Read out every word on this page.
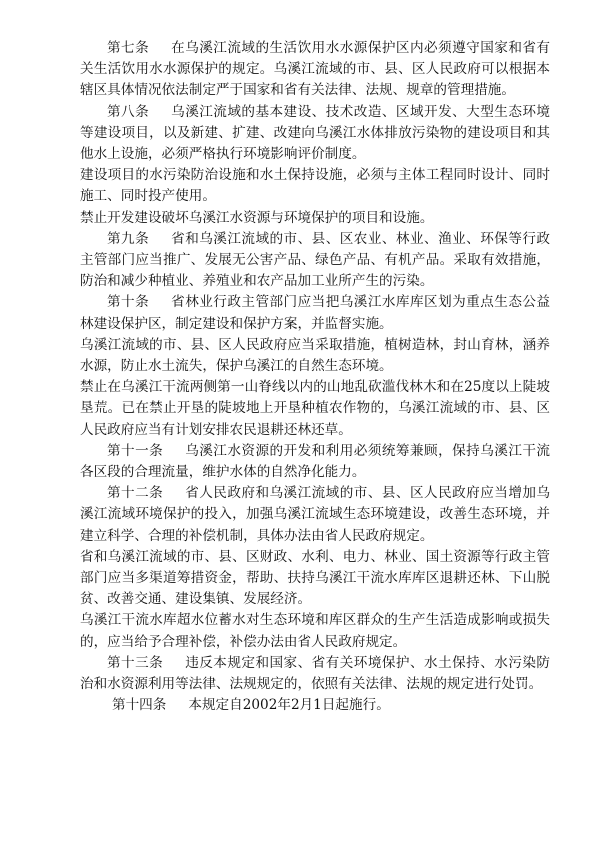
第七条 在乌溪江流域的生活饮用水水源保护区内必须遵守国家和省有关生活饮用水水源保护的规定。乌溪江流域的市、县、区人民政府可以根据本辖区具体情况依法制定严于国家和省有关法律、法规、规章的管理措施。

第八条 乌溪江流域的基本建设、技术改造、区域开发、大型生态环境等建设项目，以及新建、扩建、改建向乌溪江水体排放污染物的建设项目和其他水上设施，必须严格执行环境影响评价制度。

建设项目的水污染防治设施和水土保持设施，必须与主体工程同时设计、同时施工、同时投产使用。

禁止开发建设破坏乌溪江水资源与环境保护的项目和设施。

第九条 省和乌溪江流域的市、县、区农业、林业、渔业、环保等行政主管部门应当推广、发展无公害产品、绿色产品、有机产品。采取有效措施，防治和减少种植业、养殖业和农产品加工业所产生的污染。

第十条 省林业行政主管部门应当把乌溪江水库库区划为重点生态公益林建设保护区，制定建设和保护方案，并监督实施。

乌溪江流域的市、县、区人民政府应当采取措施，植树造林，封山育林，涵养水源，防止水土流失，保护乌溪江的自然生态环境。

禁止在乌溪江干流两侧第一山脊线以内的山地乱砍滥伐林木和在25度以上陡坡垦荒。已在禁止开垦的陡坡地上开垦种植农作物的，乌溪江流域的市、县、区人民政府应当有计划安排农民退耕还林还草。

第十一条 乌溪江水资源的开发和利用必须统筹兼顾，保持乌溪江干流各区段的合理流量，维护水体的自然净化能力。

第十二条 省人民政府和乌溪江流域的市、县、区人民政府应当增加乌溪江流域环境保护的投入，加强乌溪江流域生态环境建设，改善生态环境，并建立科学、合理的补偿机制，具体办法由省人民政府规定。

省和乌溪江流域的市、县、区财政、水利、电力、林业、国土资源等行政主管部门应当多渠道筹措资金，帮助、扶持乌溪江干流水库库区退耕还林、下山脱贫、改善交通、建设集镇、发展经济。

乌溪江干流水库超水位蓄水对生态环境和库区群众的生产生活造成影响或损失的，应当给予合理补偿，补偿办法由省人民政府规定。

第十三条 违反本规定和国家、省有关环境保护、水土保持、水污染防治和水资源利用等法律、法规规定的，依照有关法律、法规的规定进行处罚。

第十四条 本规定自2002年2月1日起施行。
